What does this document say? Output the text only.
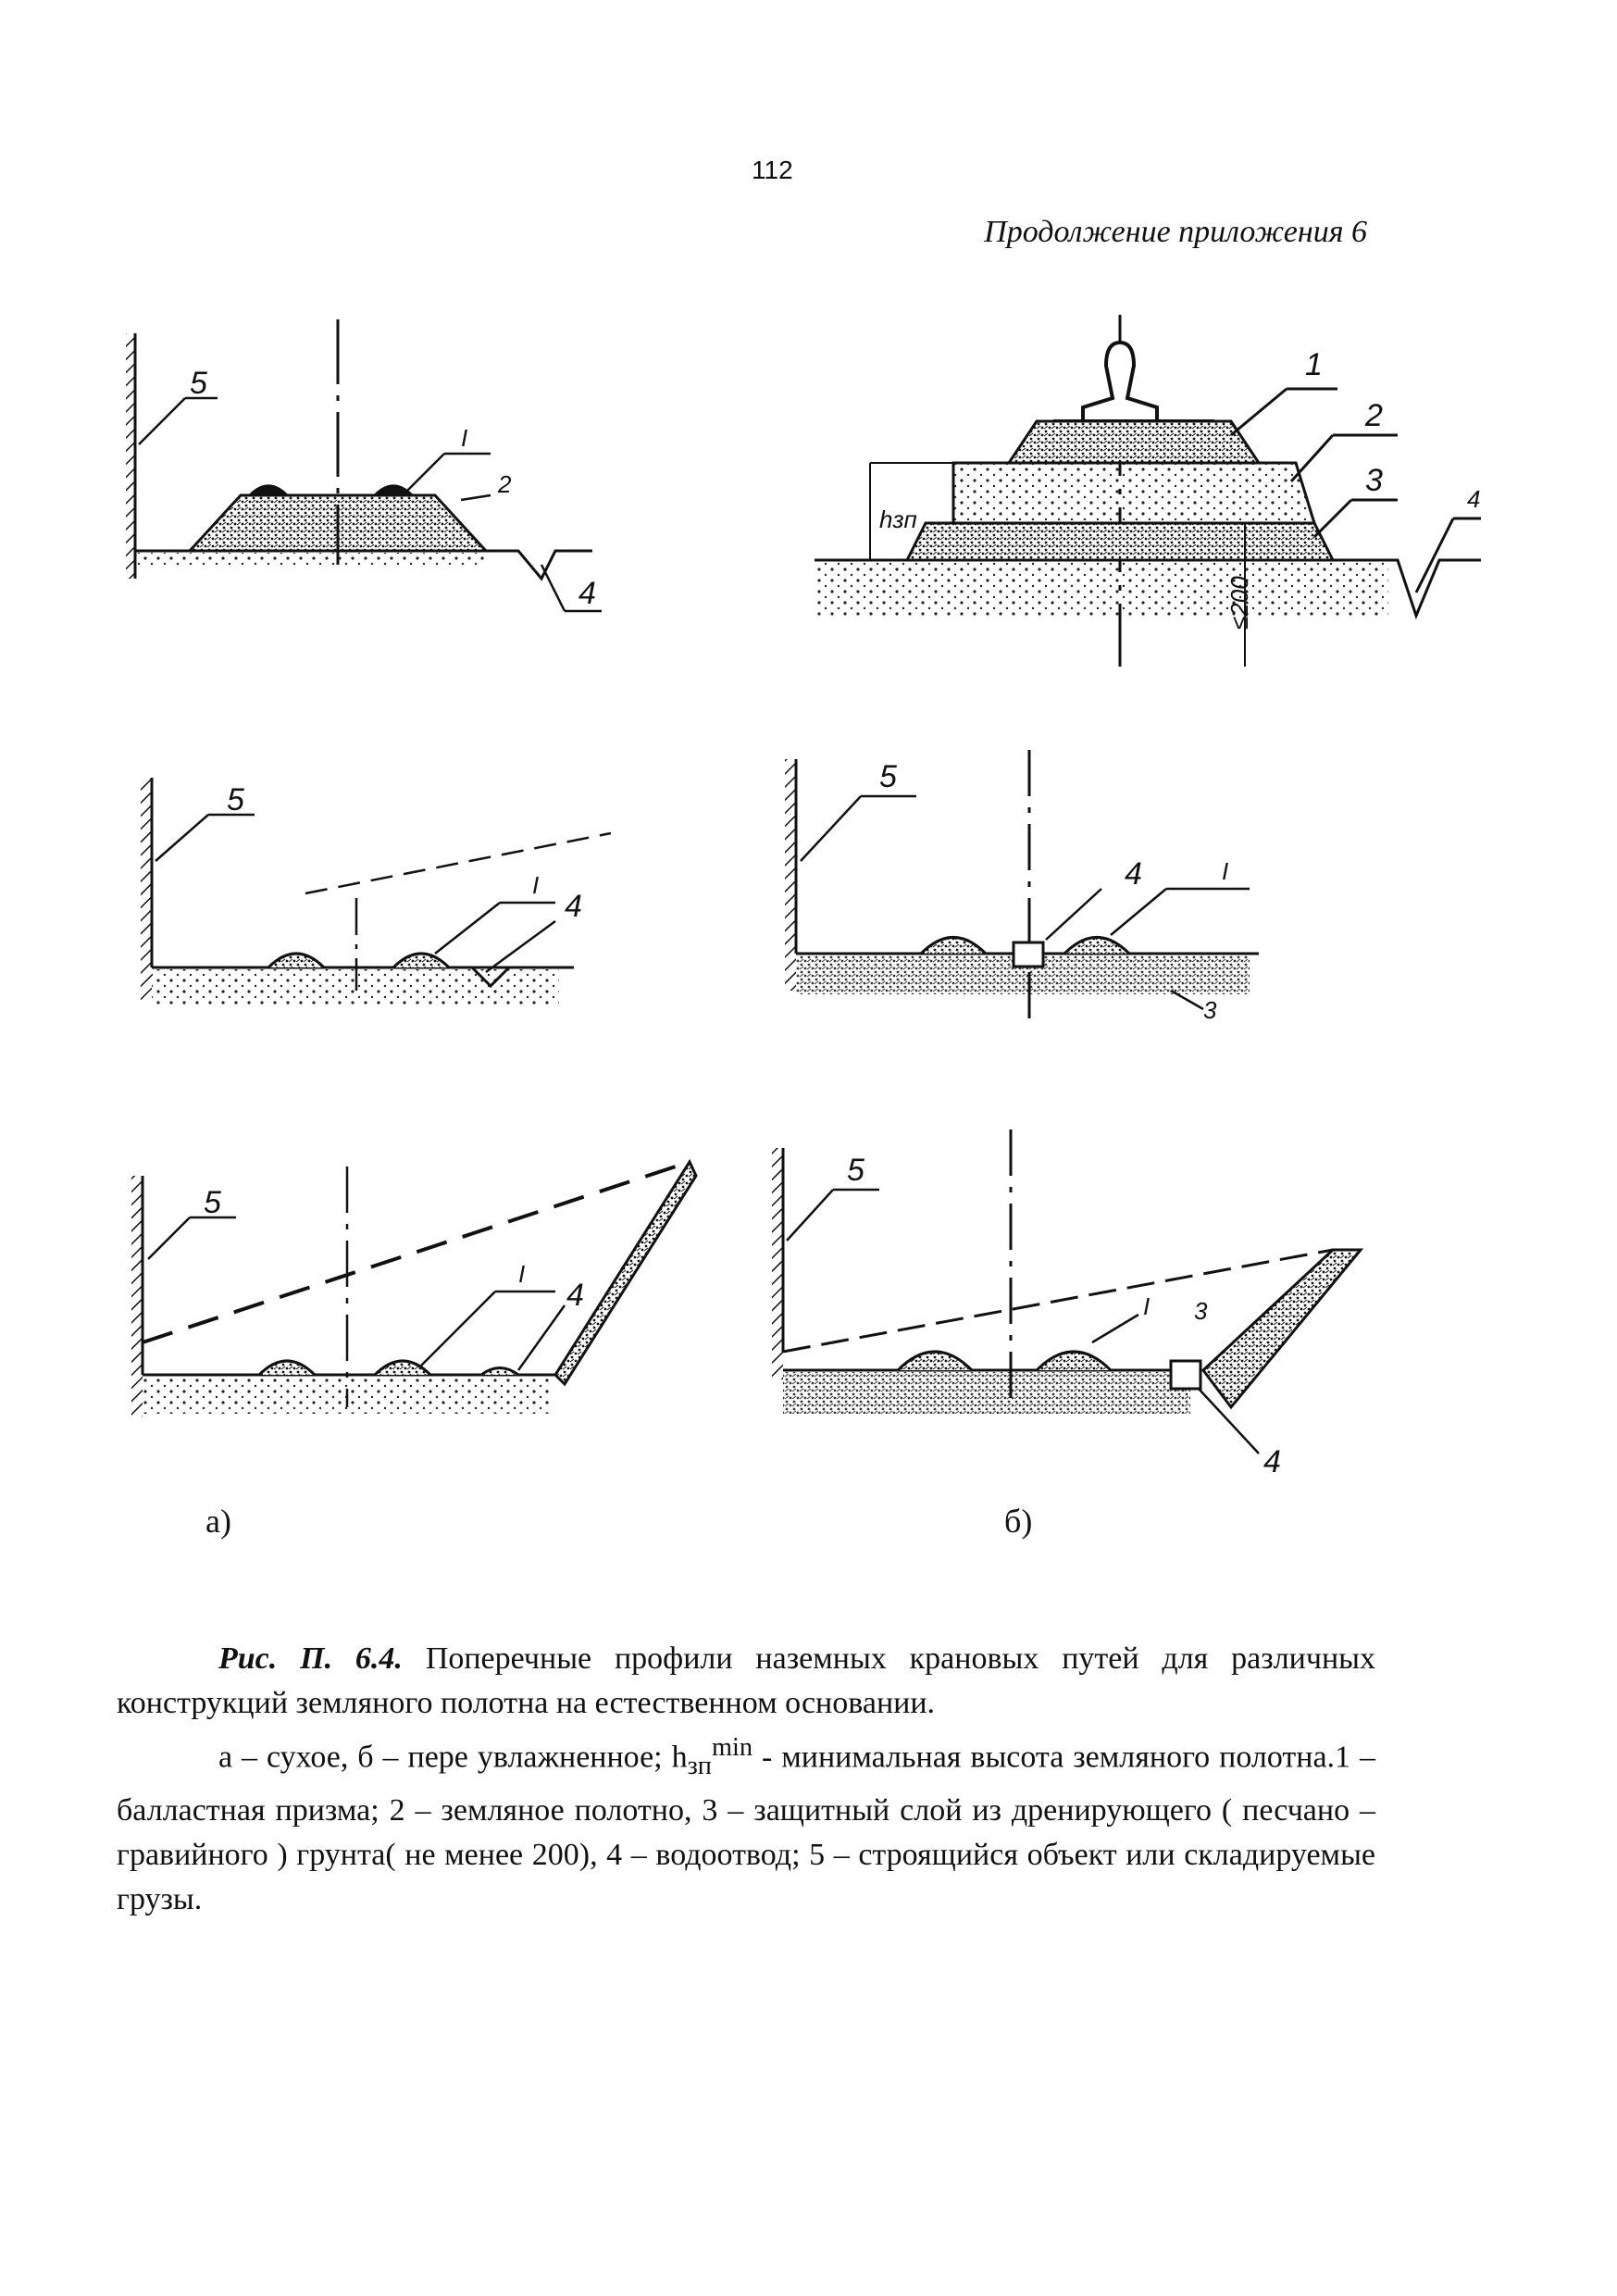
112
Продолжение приложения 6
5
I
2
4
hзп
≤200
1
2
3
4
5
I
4
5
4	I
3
5
I
4
5
I 3
4
а)	б)

Рис. П. 6.4. Поперечные профили наземных крановых путей для различных конструкций земляного полотна на естественном основании.

а – сухое, б – пере увлажненное; $h_{зп}^{min}$ - минимальная высота земляного полотна.1 – балластная призма; 2 – земляное полотно, 3 – защитный слой из дренирующего ( песчано – гравийного ) грунта( не менее 200), 4 – водоотвод; 5 – строящийся объект или складируемые грузы.
